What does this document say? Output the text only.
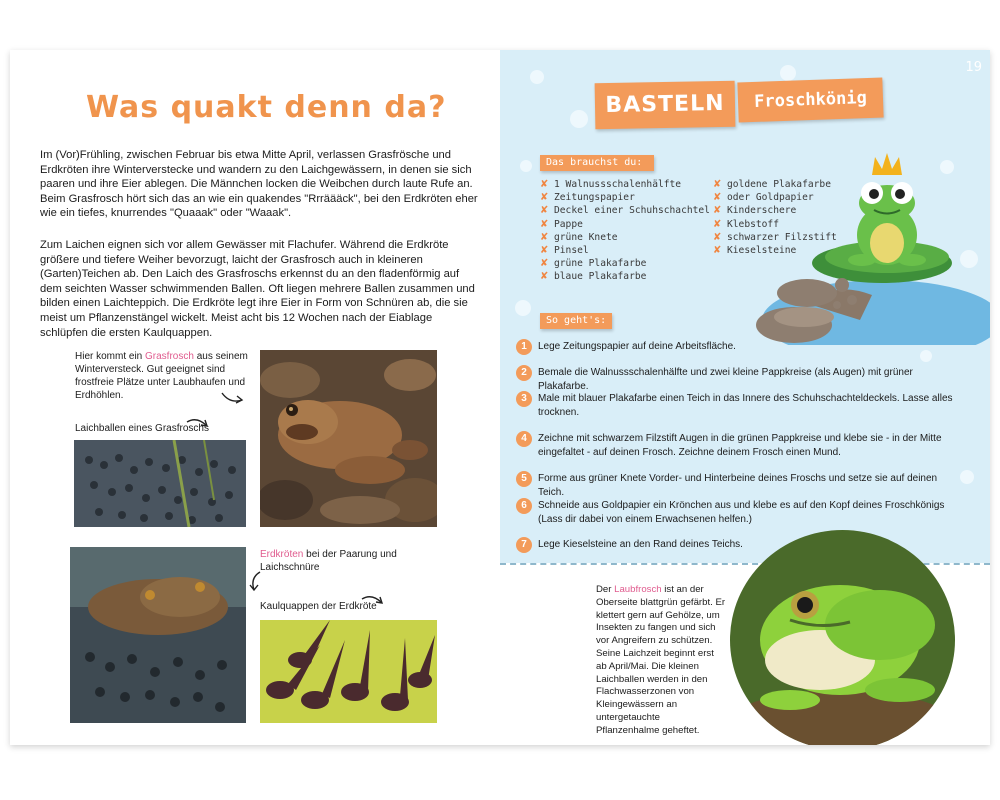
18
Was quakt denn da?
Im (Vor)Frühling, zwischen Februar bis etwa Mitte April, verlassen Grasfrösche und Erdkröten ihre Winterverstecke und wandern zu den Laichgewässern, in denen sie sich paaren und ihre Eier ablegen. Die Männchen locken die Weibchen durch laute Rufe an. Beim Grasfrosch hört sich das an wie ein quakendes "Rrräääck", bei den Erdkröten eher wie ein tiefes, knurrendes "Quaaak" oder "Waaak".
Zum Laichen eignen sich vor allem Gewässer mit Flachufer. Während die Erdkröte größere und tiefere Weiher bevorzugt, laicht der Grasfrosch auch in kleineren (Garten)Teichen ab. Den Laich des Grasfroschs erkennst du an den fladenförmig auf dem seichten Wasser schwimmenden Ballen. Oft liegen mehrere Ballen zusammen und bilden einen Laichteppich. Die Erdkröte legt ihre Eier in Form von Schnüren ab, die sie meist um Pflanzenstängel wickelt. Meist acht bis 12 Wochen nach der Eiablage schlüpfen die ersten Kaulquappen.
Hier kommt ein Grasfrosch aus seinem Winterversteck. Gut geeignet sind frostfreie Plätze unter Laubhaufen und Erdhöhlen.
Laichballen eines Grasfroschs
Erdkröten bei der Paarung und Laichschnüre
Kaulquappen der Erdkröte
19
BASTELN	Froschkönig
Das brauchst du:
✘ 1 Walnussschalenhälfte
✘ Zeitungspapier
✘ Deckel einer Schuhschachtel
✘ Pappe
✘ grüne Knete
✘ Pinsel
✘ grüne Plakafarbe
✘ blaue Plakafarbe
✘ goldene Plakafarbe
✘ oder Goldpapier
✘ Kinderschere
✘ Klebstoff
✘ schwarzer Filzstift
✘ Kieselsteine
So geht's:
1	Lege Zeitungspapier auf deine Arbeitsfläche.
2	Bemale die Walnussschalenhälfte und zwei kleine Pappkreise (als Augen) mit grüner Plakafarbe.
3	Male mit blauer Plakafarbe einen Teich in das Innere des Schuhschachteldeckels. Lasse alles trocknen.
4	Zeichne mit schwarzem Filzstift Augen in die grünen Pappkreise und klebe sie - in der Mitte eingefaltet - auf deinen Frosch. Zeichne deinem Frosch einen Mund.
5	Forme aus grüner Knete Vorder- und Hinterbeine deines Froschs und setze sie auf deinen Teich.
6	Schneide aus Goldpapier ein Krönchen aus und klebe es auf den Kopf deines Froschkönigs (Lass dir dabei von einem Erwachsenen helfen.)
7	Lege Kieselsteine an den Rand deines Teichs.
Der Laubfrosch ist an der Oberseite blattgrün gefärbt. Er klettert gern auf Gehölze, um Insekten zu fangen und sich vor Angreifern zu schützen. Seine Laichzeit beginnt erst ab April/Mai. Die kleinen Laichballen werden in den Flachwasserzonen von Kleingewässern an untergetauchte Pflanzenhalme geheftet.
